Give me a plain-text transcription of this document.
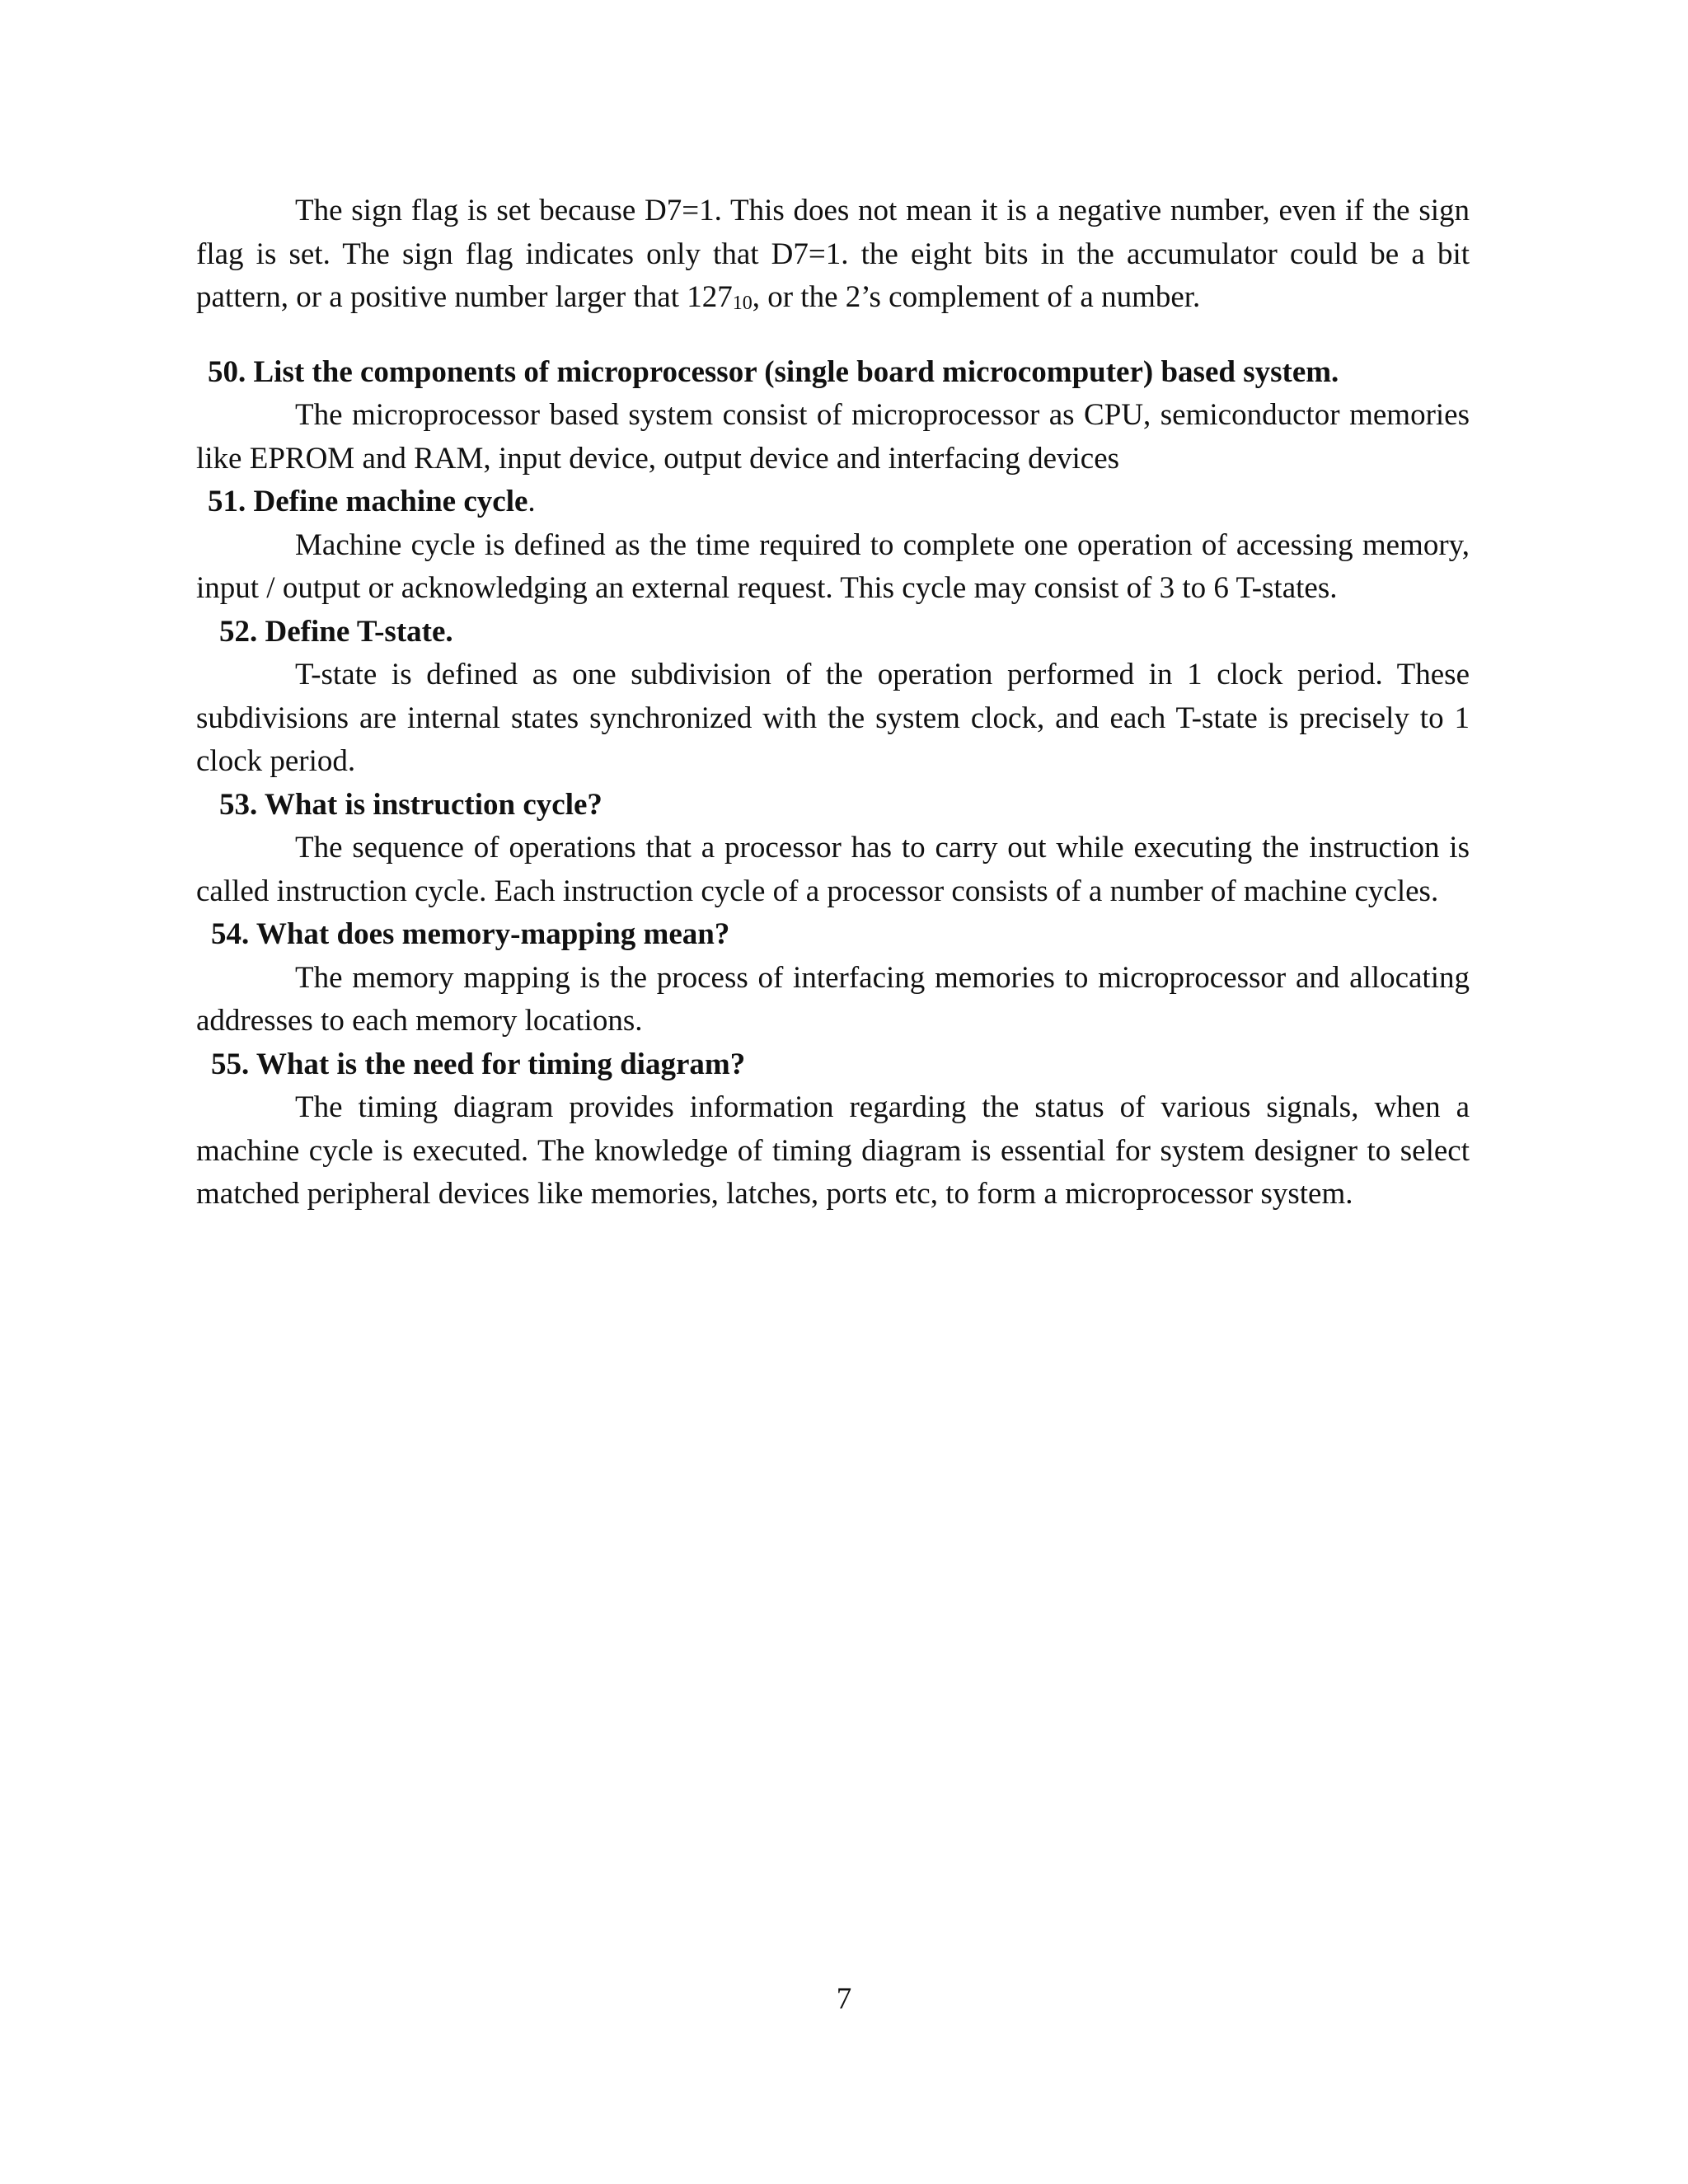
The sign flag is set because D7=1. This does not mean it is a negative number, even if the sign flag is set. The sign flag indicates only that D7=1. the eight bits in the accumulator could be a bit pattern, or a positive number larger that $127_{10}$, or the 2’s complement of a number.

50. List the components of microprocessor (single board microcomputer) based system.

The microprocessor based system consist of microprocessor as CPU, semiconductor memories like EPROM and RAM, input device, output device and interfacing devices

51. Define machine cycle.

Machine cycle is defined as the time required to complete one operation of accessing memory, input / output or acknowledging an external request. This cycle may consist of 3 to 6 T-states.

52. Define T-state.

T-state is defined as one subdivision of the operation performed in 1 clock period. These subdivisions are internal states synchronized with the system clock, and each T-state is precisely to 1 clock period.

53. What is instruction cycle?

The sequence of operations that a processor has to carry out while executing the instruction is called instruction cycle. Each instruction cycle of a processor consists of a number of machine cycles.

54. What does memory-mapping mean?

The memory mapping is the process of interfacing memories to microprocessor and allocating addresses to each memory locations.

55. What is the need for timing diagram?

The timing diagram provides information regarding the status of various signals, when a machine cycle is executed. The knowledge of timing diagram is essential for system designer to select matched peripheral devices like memories, latches, ports etc, to form a microprocessor system.

7
